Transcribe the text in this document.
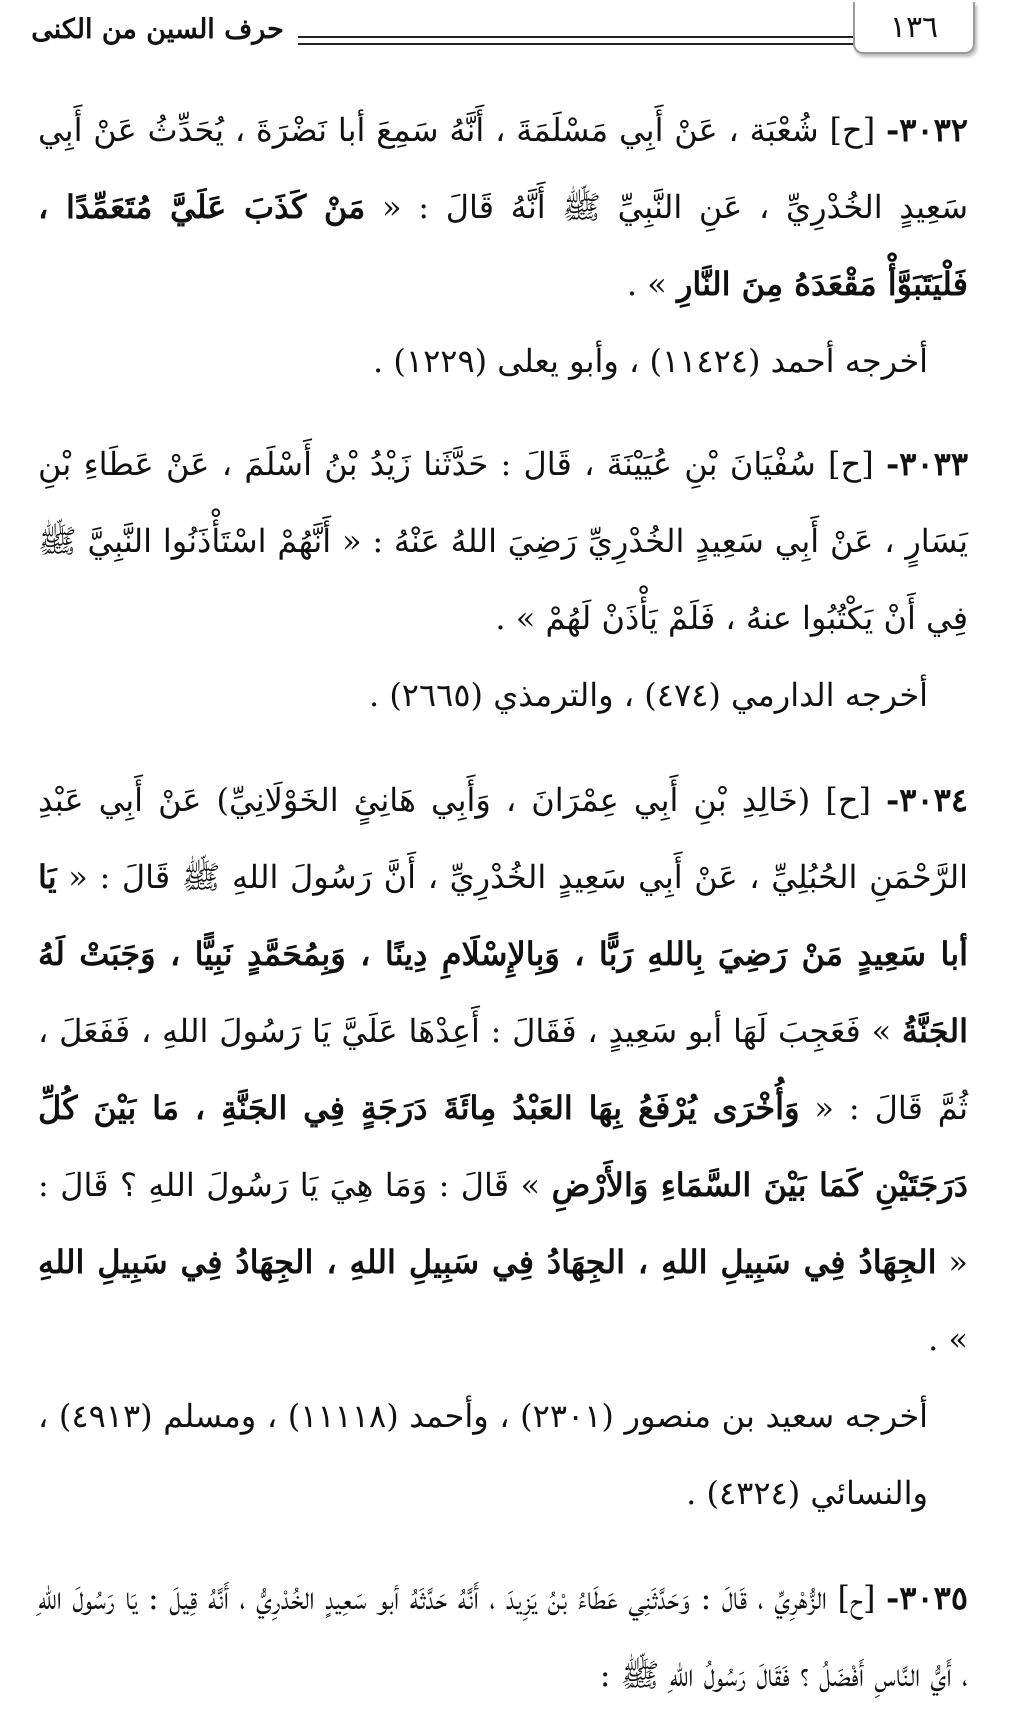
١٣٦
حرف السين من الكنى

٣٠٣٢- [ح] شُعْبَة ، عَنْ أَبِي مَسْلَمَةَ ، أَنَّهُ سَمِعَ أبا نَضْرَةَ ، يُحَدِّثُ عَنْ أَبِي سَعِيدٍ الخُدْرِيِّ ، عَنِ النَّبِيِّ ﷺ أَنَّهُ قَالَ : « مَنْ كَذَبَ عَلَيَّ مُتَعَمِّدًا ، فَلْيَتَبَوَّأْ مَقْعَدَهُ مِنَ النَّارِ » .

أخرجه أحمد (١١٤٢٤) ، وأبو يعلى (١٢٢٩) .

٣٠٣٣- [ح] سُفْيَانَ بْنِ عُيَيْنَةَ ، قَالَ : حَدَّثَنا زَيْدُ بْنُ أَسْلَمَ ، عَنْ عَطَاءِ بْنِ يَسَارٍ ، عَنْ أَبِي سَعِيدٍ الخُدْرِيِّ رَضِيَ اللهُ عَنْهُ : « أَنَّهُمْ اسْتَأْذَنُوا النَّبِيَّ ﷺ فِي أَنْ يَكْتُبُوا عنهُ ، فَلَمْ يَأْذَنْ لَهُمْ » .

أخرجه الدارمي (٤٧٤) ، والترمذي (٢٦٦٥) .

٣٠٣٤- [ح] (خَالِدِ بْنِ أَبِي عِمْرَانَ ، وَأَبِي هَانِئٍ الخَوْلَانِيِّ) عَنْ أَبِي عَبْدِ الرَّحْمَنِ الحُبُلِيِّ ، عَنْ أَبِي سَعِيدٍ الخُدْرِيِّ ، أَنَّ رَسُولَ اللهِ ﷺ قَالَ : « يَا أبا سَعِيدٍ مَنْ رَضِيَ بِاللهِ رَبًّا ، وَبِالإِسْلَامِ دِينًا ، وَبِمُحَمَّدٍ نَبِيًّا ، وَجَبَتْ لَهُ الجَنَّةُ » فَعَجِبَ لَهَا أبو سَعِيدٍ ، فَقَالَ : أَعِدْهَا عَلَيَّ يَا رَسُولَ اللهِ ، فَفَعَلَ ، ثُمَّ قَالَ : « وَأُخْرَى يُرْفَعُ بِهَا العَبْدُ مِائَةَ دَرَجَةٍ فِي الجَنَّةِ ، مَا بَيْنَ كُلِّ دَرَجَتَيْنِ كَمَا بَيْنَ السَّمَاءِ وَالأَرْضِ » قَالَ : وَمَا هِيَ يَا رَسُولَ اللهِ ؟ قَالَ : « الجِهَادُ فِي سَبِيلِ اللهِ ، الجِهَادُ فِي سَبِيلِ اللهِ ، الجِهَادُ فِي سَبِيلِ اللهِ » .

أخرجه سعيد بن منصور (٢٣٠١) ، وأحمد (١١١١٨) ، ومسلم (٤٩١٣) ، والنسائي (٤٣٢٤) .

٣٠٣٥- [ح] الزُّهْرِيِّ ، قَالَ : وَحَدَّثَنِي عَطَاءُ بْنُ يَزِيدَ ، أَنَّهُ حَدَّثَهُ أبو سَعِيدٍ الخُدْرِيُّ ، أَنَّهُ قِيلَ : يَا رَسُولَ اللهِ ، أَيُّ النَّاسِ أَفْضَلُ ؟ فَقَالَ رَسُولُ اللهِ ﷺ :
